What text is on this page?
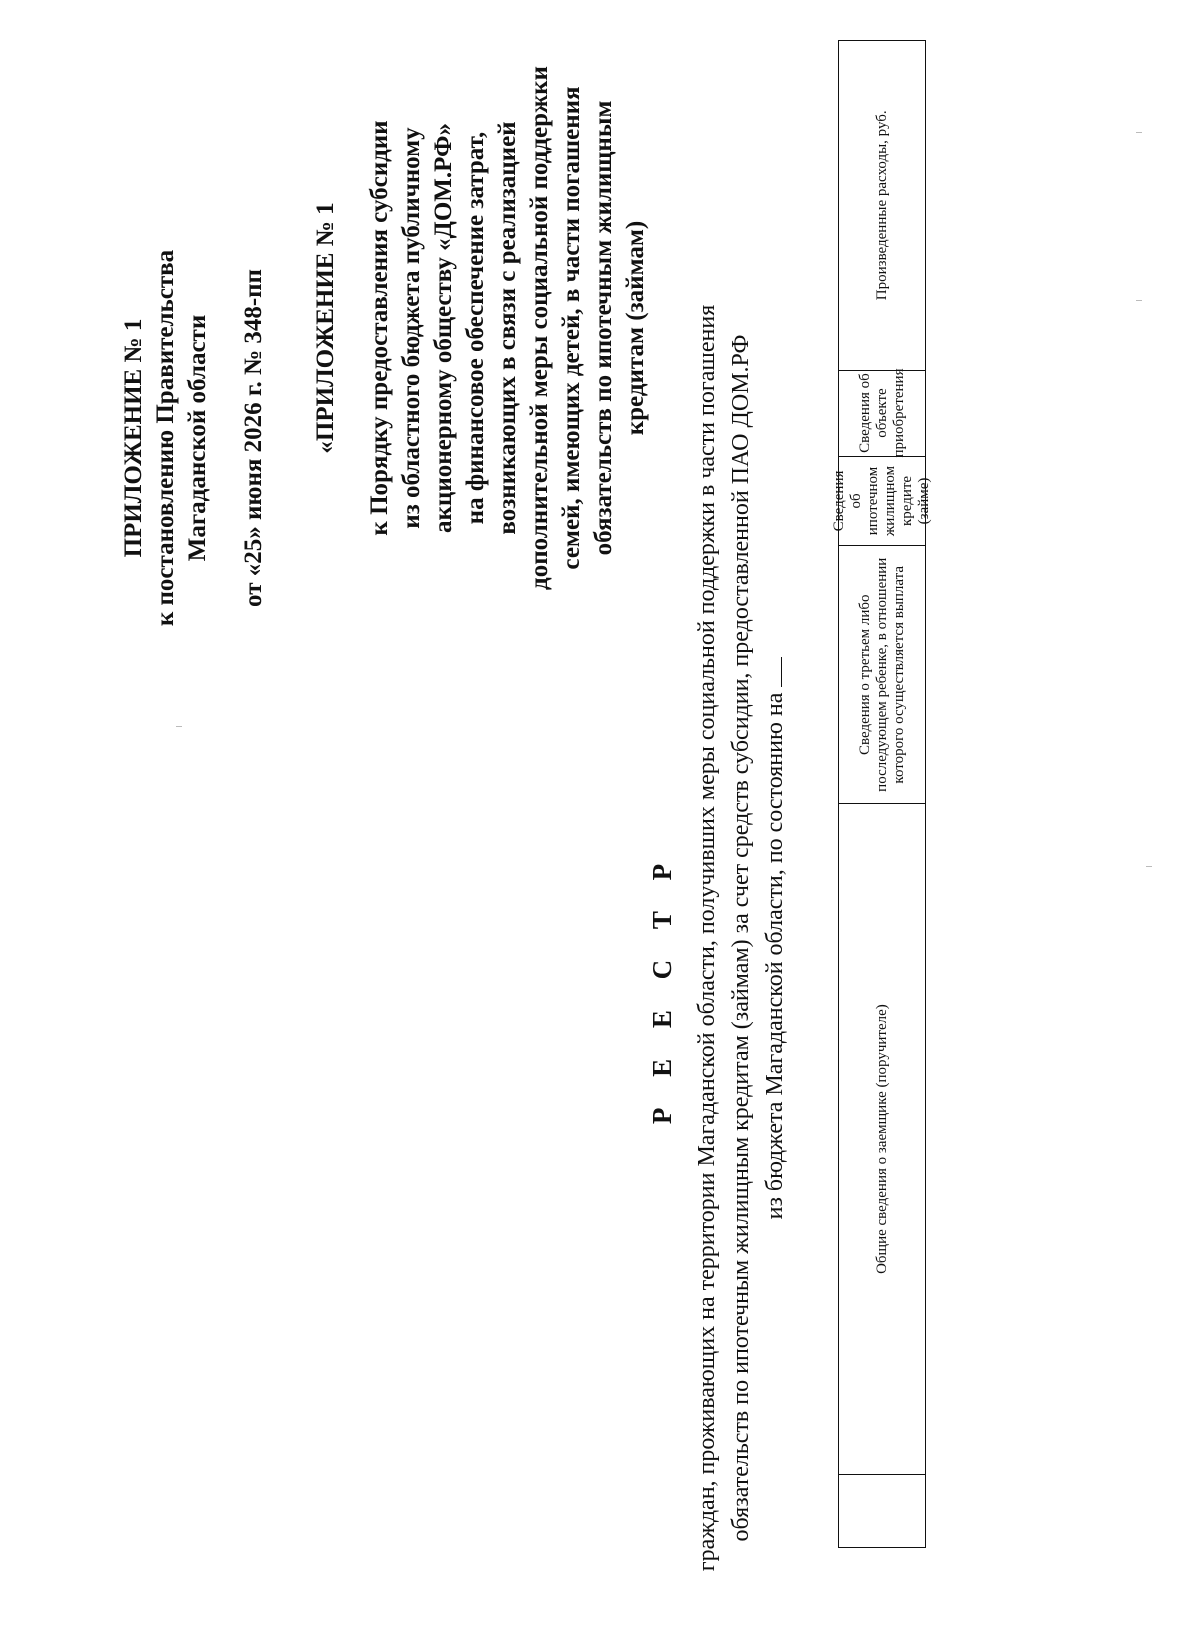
ПРИЛОЖЕНИЕ № 1 к постановлению Правительства Магаданской области от «25» июня 2026 г. № 348-пп «ПРИЛОЖЕНИЕ № 1 к Порядку предоставления субсидии из областного бюджета публичному акционерному обществу «ДОМ.РФ» на финансовое обеспечение затрат, возникающих в связи с реализацией дополнительной меры социальной поддержки семей, имеющих детей, в части погашения обязательств по ипотечным жилищным кредитам (займам)
Р Е Е С Т Р граждан, проживающих на территории Магаданской области, получивших меры социальной поддержки в части погашения обязательств по ипотечным жилищным кредитам (займам) за счет средств субсидии, предоставленной ПАО ДОМ.РФ из бюджета Магаданской области, по состоянию на
Произведенные расходы, руб.
Сведения об объекте приобретения
Сведения об ипотечном жилищном кредите (займе)
Сведения о третьем либо последующем ребенке, в отношении которого осуществляется выплата
Общие сведения о заемщике (поручителе)
